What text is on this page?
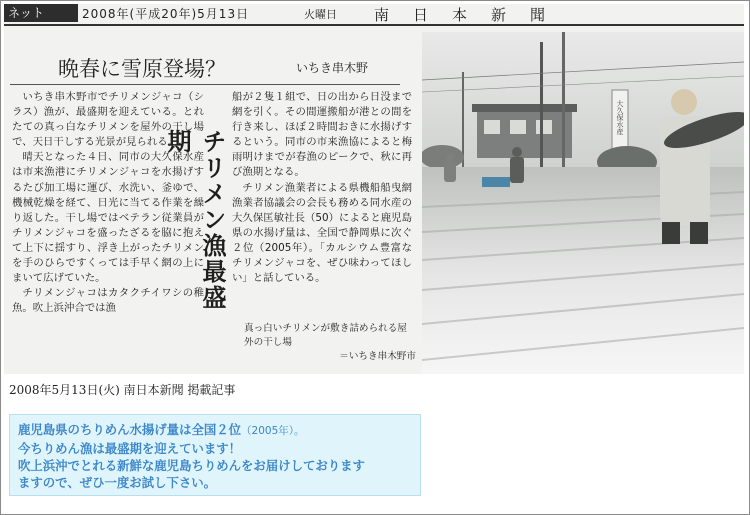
ネット	2008年(平成20年)5月13日	火曜日 南日本新聞
晩春に雪原登場？	いちき串木野

いちき串木野市でチリメンジャコ（シラス）漁が、最盛期を迎えている。とれたての真っ白なチリメンを屋外の干し場で、天日干しする光景が見られる。

晴天となった４日、同市の大久保水産は市来漁港にチリメンジャコを水揚げするたび加工場に運び、水洗い、釜ゆで、機械乾燥を経て、日光に当てる作業を繰り返した。干し場ではベテラン従業員がチリメンジャコを盛ったざるを脇に抱えて上下に揺すり、浮き上がったチリメンを手のひらですくっては手早く網の上にまいて広げていた。

チリメンジャコはカタクチイワシの稚魚。吹上浜沖合では漁	チリメン漁最盛期

船が２隻１組で、日の出から日没まで網を引く。その間運搬船が港との間を行き来し、ほぼ２時間おきに水揚げするという。同市の市来漁協によると梅雨明けまでが春漁のピークで、秋に再び漁期となる。

チリメン漁業者による県機船船曳網漁業者協議会の会長も務める同水産の大久保匡敏社長（50）によると鹿児島県の水揚げ量は、全国で静岡県に次ぐ２位（2005年）。「カルシウム豊富なチリメンジャコを、ぜひ味わってほしい」と話している。

真っ白いチリメンが敷き詰められる屋外の干し場
＝いちき串木野市
大久保水産
2008年5月13日(火) 南日本新聞 掲載記事
鹿児島県のちりめん水揚げ量は全国２位（2005年）。
今ちりめん漁は最盛期を迎えています！
吹上浜沖でとれる新鮮な鹿児島ちりめんをお届けしております
ますので、ぜひ一度お試し下さい。
